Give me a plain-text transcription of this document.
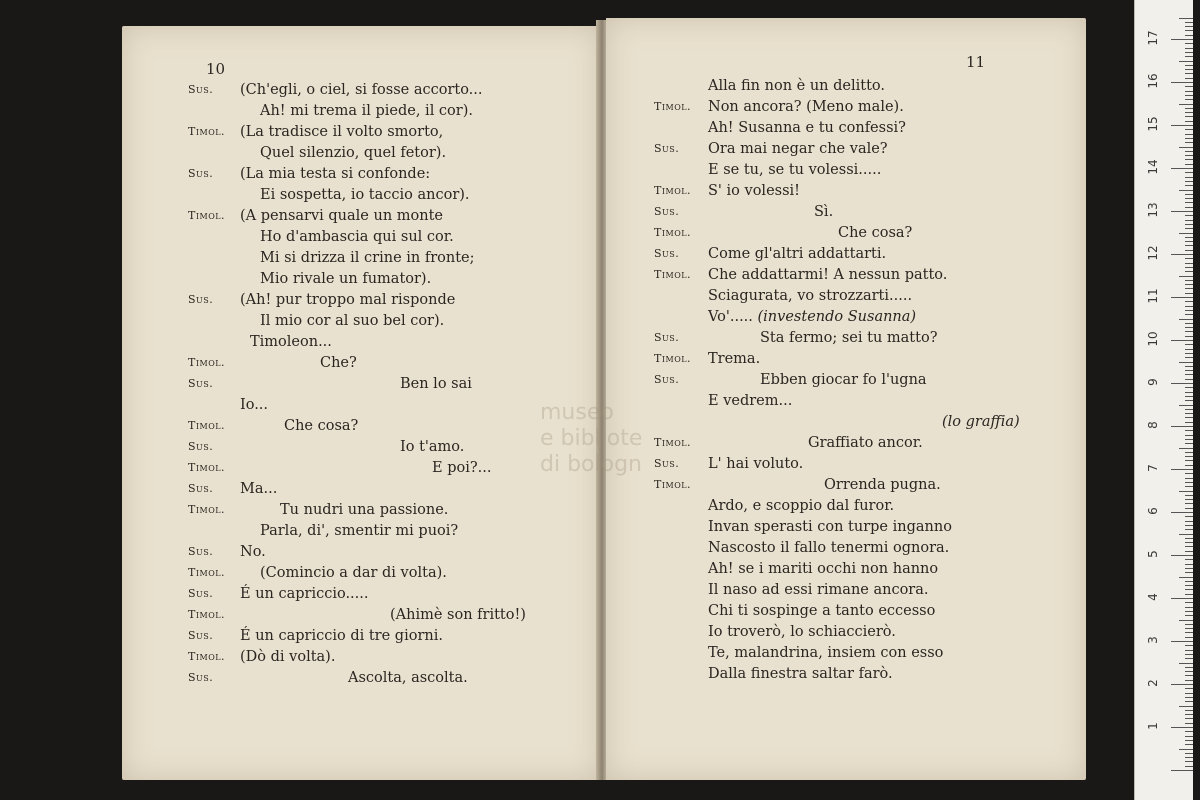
10
Sus. (Ch'egli, o ciel, si fosse accorto...
Ah! mi trema il piede, il cor).
Timol. (La tradisce il volto smorto,
Quel silenzio, quel fetor).
Sus. (La mia testa si confonde:
Ei sospetta, io taccio ancor).
Timol. (A pensarvi quale un monte
Ho d'ambascia qui sul cor.
Mi si drizza il crine in fronte;
Mio rivale un fumator).
Sus. (Ah! pur troppo mal risponde
Il mio cor al suo bel cor).
Timoleon...
Timol.	Che?
Sus.	Ben lo sai
Io...
Timol.	Che cosa?
Sus.	Io t'amo.
Timol.	E poi?...
Sus. Ma...
Timol.	Tu nudri una passione.
Parla, di', smentir mi puoi?
Sus. No.
Timol. (Comincio a dar di volta).
Sus. É un capriccio.....
Timol.	(Ahimè son fritto!)
Sus. É un capriccio di tre giorni.
Timol. (Dò di volta).
Sus.	Ascolta, ascolta.
11
Alla fin non è un delitto.
Timol. Non ancora? (Meno male).
Ah! Susanna e tu confessi?
Sus. Ora mai negar che vale?
E se tu, se tu volessi.....
Timol. S' io volessi!
Sus.	Sì.
Timol.	Che cosa?
Sus. Come gl'altri addattarti.
Timol. Che addattarmi! A nessun patto.
Sciagurata, vo strozzarti.....
Vo'..... (investendo Susanna)
Sus.	Sta fermo; sei tu matto?
Timol. Trema.
Sus.	Ebben giocar fo l'ugna
E vedrem...
(lo graffia)
Timol.	Graffiato ancor.
Sus. L' hai voluto.
Timol.	Orrenda pugna.
Ardo, e scoppio dal furor.
Invan sperasti con turpe inganno
Nascosto il fallo tenermi ognora.
Ah! se i mariti occhi non hanno
Il naso ad essi rimane ancora.
Chi ti sospinge a tanto eccesso
Io troverò, lo schiaccierò.
Te, malandrina, insiem con esso
Dalla finestra saltar farò.
museo
e bibliote
di bologn
1
2
3
4
5
6
7
8
9
10
11
12
13
14
15
16
17
